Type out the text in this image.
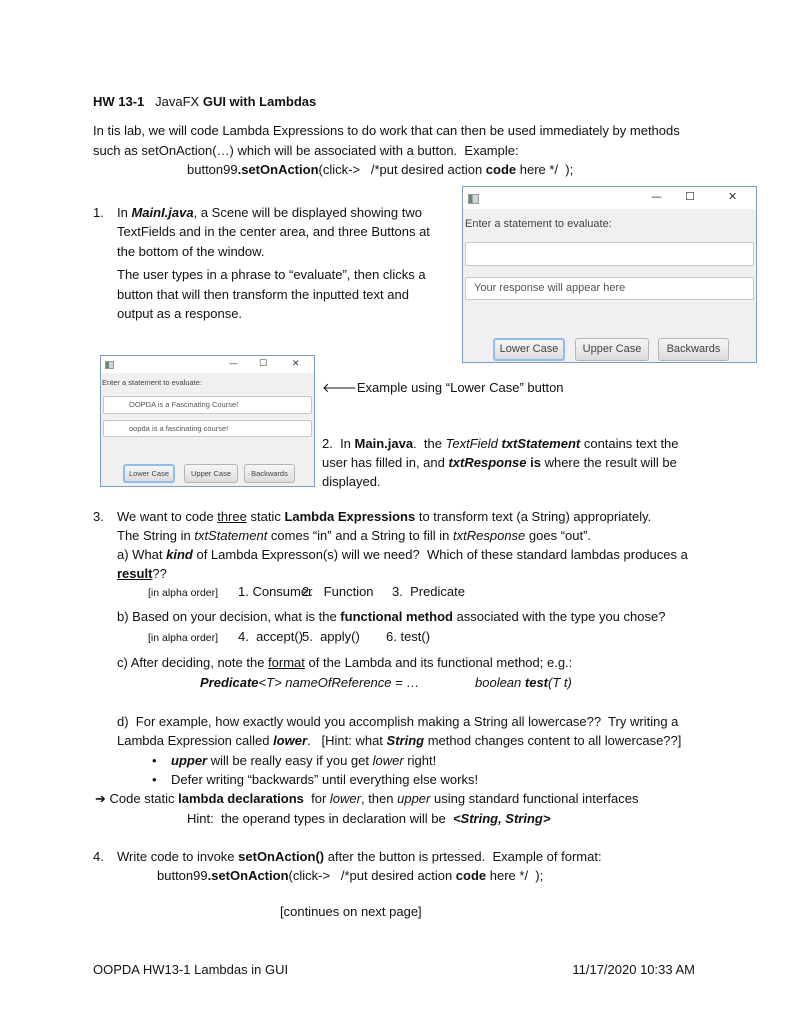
HW 13-1   JavaFX GUI with Lambdas
In tis lab, we will code Lambda Expressions to do work that can then be used immediately by methods
such as setOnAction(…) which will be associated with a button.  Example:
button99.setOnAction(click->   /*put desired action code here */  );
1. In MainI.java, a Scene will be displayed showing two
TextFields and in the center area, and three Buttons at
the bottom of the window.
The user types in a phrase to “evaluate”, then clicks a
button that will then transform the inputted text and
output as a response.
— ☐	✕
Enter a statement to evaluate:
Your response will appear here
Lower Case	Upper Case	Backwards
— ☐	✕
Enter a statement to evaluate:
OOPDA is a Fascinating Course!
oopda is a fascinating course!
Lower Case	Upper Case	Backwards
🡐Example using “Lower Case” button
2.  In Main.java.  the TextField txtStatement contains text the
user has filled in, and txtResponse is where the result will be
displayed.
3. We want to code three static Lambda Expressions to transform text (a String) appropriately.
The String in txtStatement comes “in” and a String to fill in txtResponse goes “out”.
a) What kind of Lambda Expresson(s) will we need?  Which of these standard lambdas produces a
result??
[in alpha order] 1. Consumer
2.   Function 3.  Predicate
b) Based on your decision, what is the functional method associated with the type you chose?
[in alpha order] 4.  accept()
5.  apply() 6. test()
c) After deciding, note the format of the Lambda and its functional method; e.g.:
Predicate<T> nameOfReference = …	boolean test(T t)
d)  For example, how exactly would you accomplish making a String all lowercase??  Try writing a
Lambda Expression called lower.   [Hint: what String method changes content to all lowercase??]
• upper will be really easy if you get lower right!
• Defer writing “backwards” until everything else works!
➔ Code static lambda declarations  for lower, then upper using standard functional interfaces
Hint:  the operand types in declaration will be  <String, String>
4. Write code to invoke setOnAction() after the button is prtessed.  Example of format:
button99.setOnAction(click->   /*put desired action code here */  );
[continues on next page]
OOPDA HW13-1 Lambdas in GUI	11/17/2020 10:33 AM
